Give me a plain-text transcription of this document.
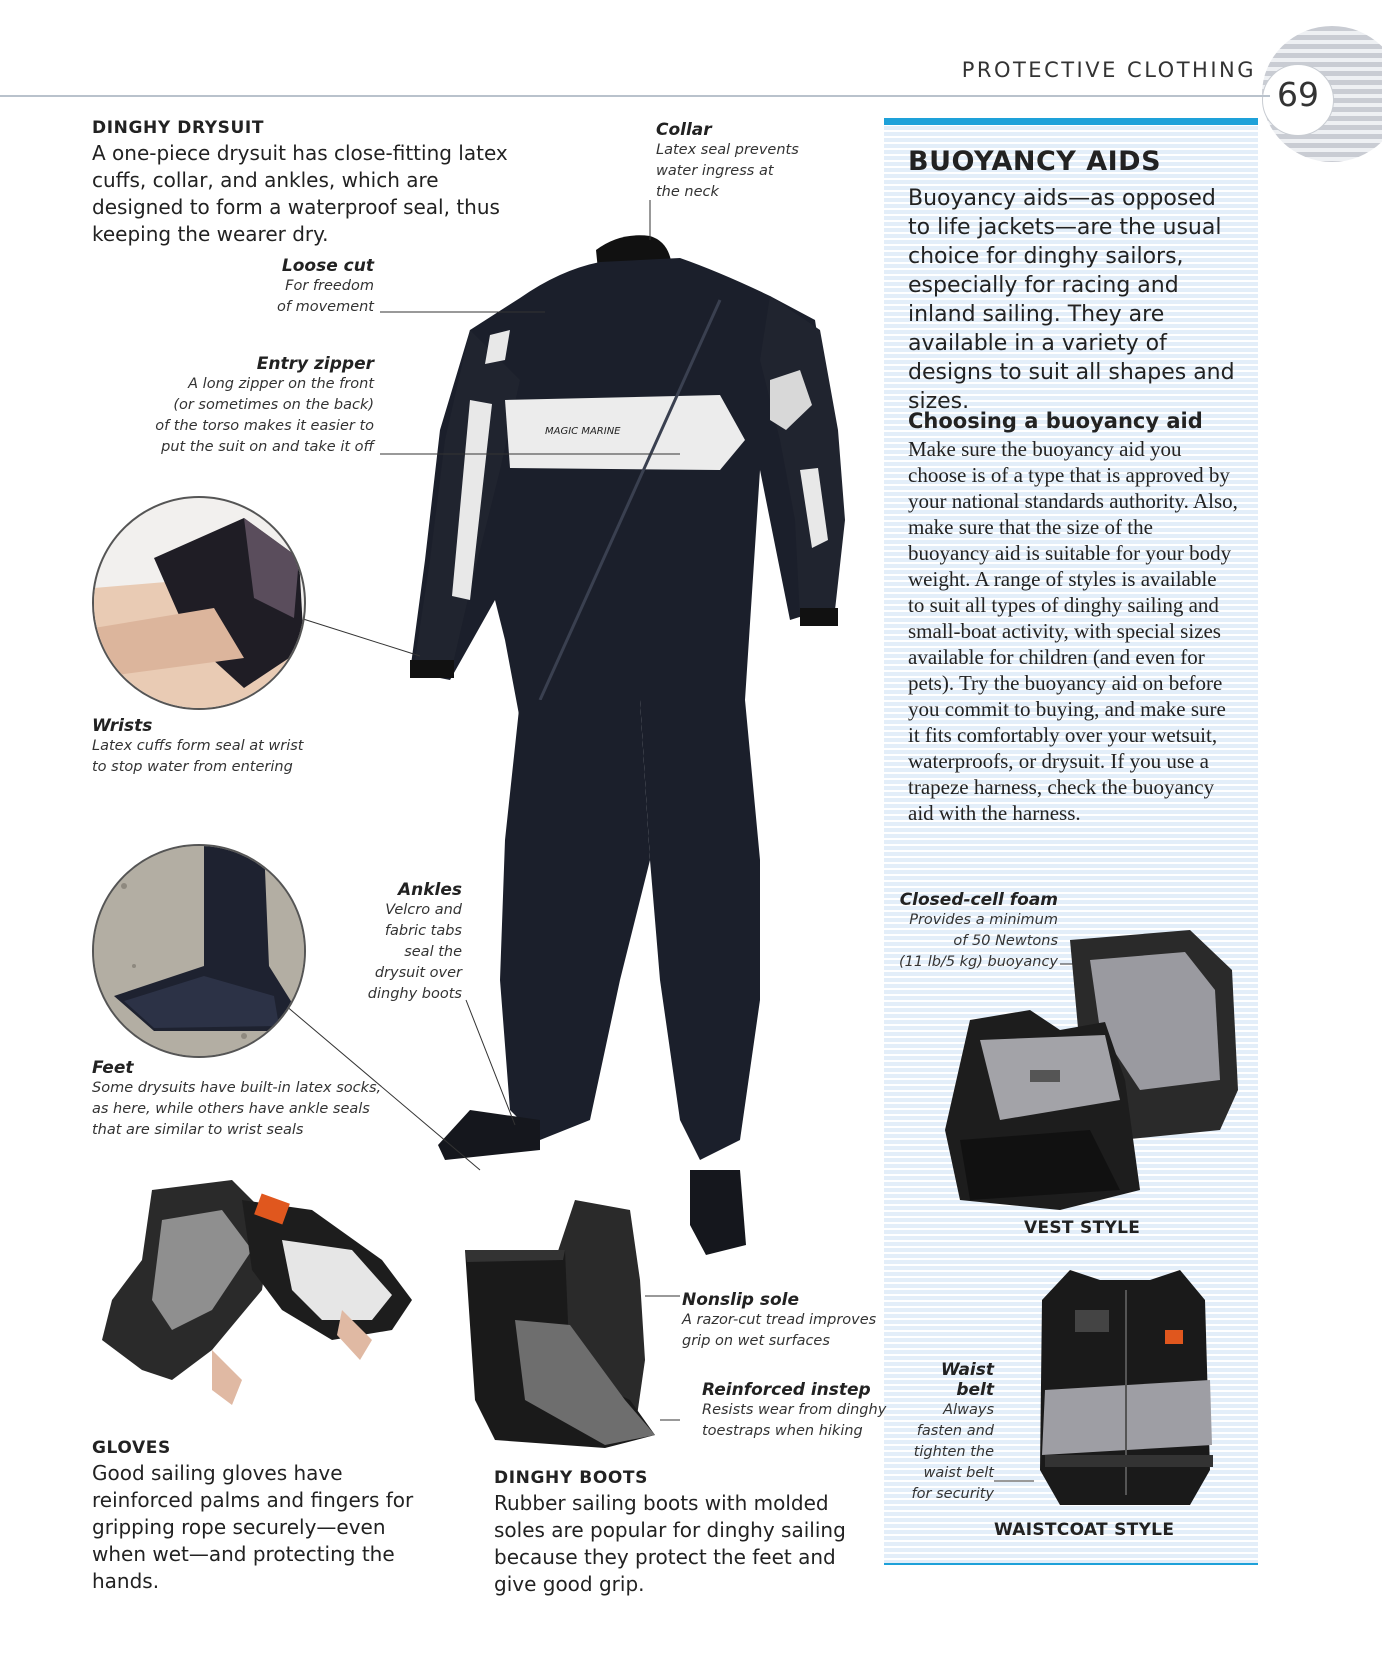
69
PROTECTIVE CLOTHING
DINGHY DRYSUIT
A one-piece drysuit has close-fitting latex cuffs, collar, and ankles, which are designed to form a waterproof seal, thus keeping the wearer dry.
MAGIC MARINE
Collar
Latex seal prevents
water ingress at
the neck
Loose cut
For freedom
of movement
Entry zipper
A long zipper on the front
(or sometimes on the back)
of the torso makes it easier to
put the suit on and take it off
Wrists
Latex cuffs form seal at wrist
to stop water from entering
Ankles
Velcro and
fabric tabs
seal the
drysuit over
dinghy boots
Feet
Some drysuits have built-in latex socks,
as here, while others have ankle seals
that are similar to wrist seals
GLOVES
Good sailing gloves have reinforced palms and fingers for gripping rope securely—even when wet—and protecting the hands.
Nonslip sole
A razor-cut tread improves
grip on wet surfaces
Reinforced instep
Resists wear from dinghy
toestraps when hiking
DINGHY BOOTS
Rubber sailing boots with molded soles are popular for dinghy sailing because they protect the feet and give good grip.
BUOYANCY AIDS
Buoyancy aids—as opposed to life jackets—are the usual choice for dinghy sailors, especially for racing and inland sailing. They are available in a variety of designs to suit all shapes and sizes.
Choosing a buoyancy aid
Make sure the buoyancy aid you choose is of a type that is approved by your national standards authority. Also, make sure that the size of the buoyancy aid is suitable for your body weight. A range of styles is available to suit all types of dinghy sailing and small-boat activity, with special sizes available for children (and even for pets). Try the buoyancy aid on before you commit to buying, and make sure it fits comfortably over your wetsuit, waterproofs, or drysuit. If you use a trapeze harness, check the buoyancy aid with the harness.
Closed-cell foam
Provides a minimum
of 50 Newtons
(11 lb/5 kg) buoyancy
VEST STYLE
Waist belt
Always
fasten and
tighten the
waist belt
for security
WAISTCOAT STYLE
